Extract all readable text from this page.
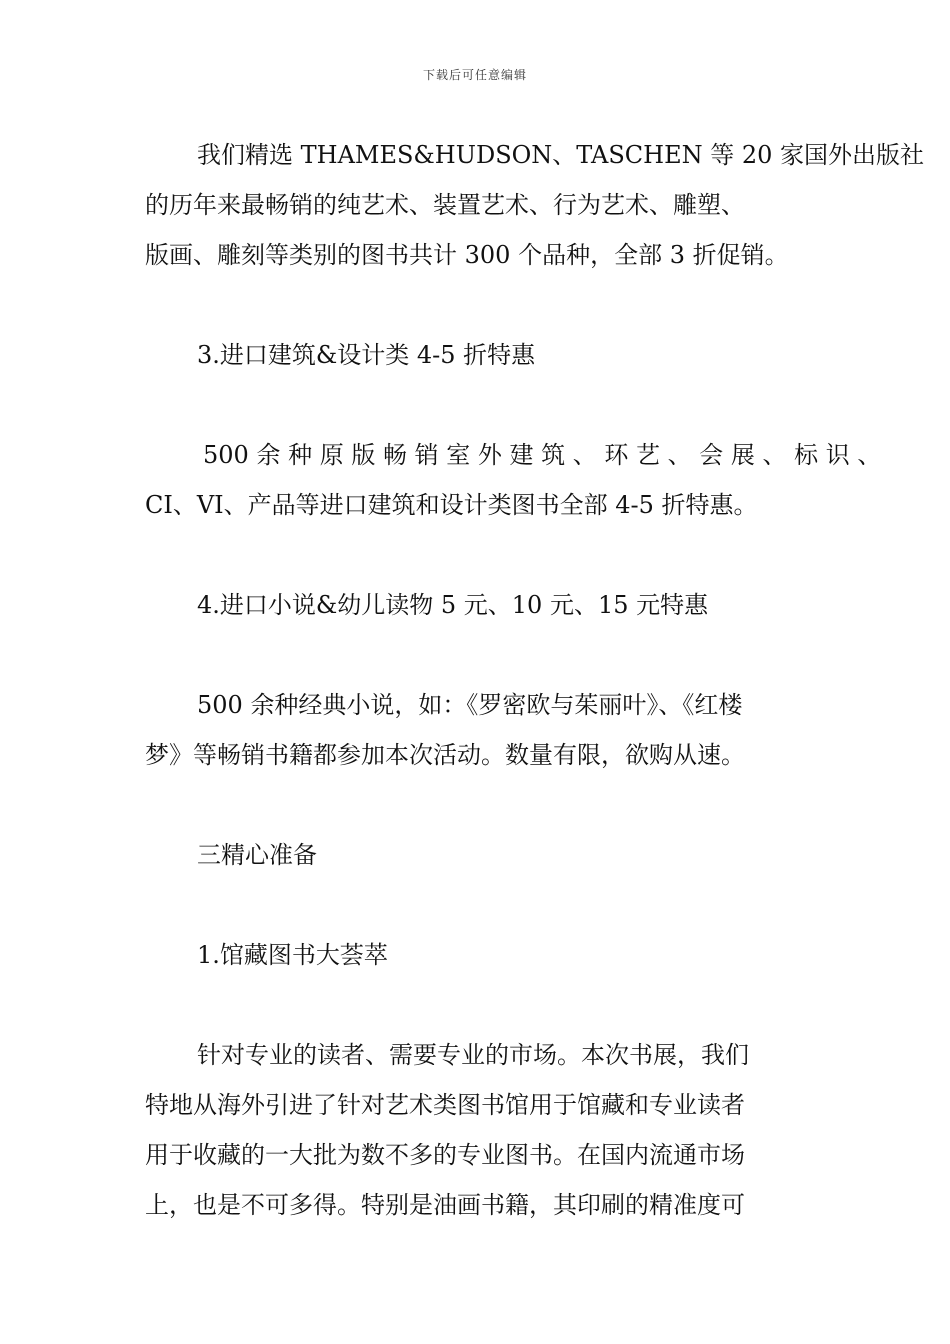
下载后可任意编辑

我们精选 THAMES&HUDSON、TASCHEN 等 20 家国外出版社
的历年来最畅销的纯艺术、装置艺术、行为艺术、雕塑、
版画、雕刻等类别的图书共计 300 个品种，全部 3 折促销。

3.进口建筑&设计类 4-5 折特惠

500 余 种 原 版 畅 销 室 外 建 筑 、 环 艺 、 会 展 、 标 识 、
CI、VI、产品等进口建筑和设计类图书全部 4-5 折特惠。

4.进口小说&幼儿读物 5 元、10 元、15 元特惠

500 余种经典小说，如：《罗密欧与茱丽叶》、《红楼
梦》等畅销书籍都参加本次活动。数量有限，欲购从速。

三精心准备

1.馆藏图书大荟萃

针对专业的读者、需要专业的市场。本次书展，我们
特地从海外引进了针对艺术类图书馆用于馆藏和专业读者
用于收藏的一大批为数不多的专业图书。在国内流通市场
上，也是不可多得。特别是油画书籍，其印刷的精准度可
